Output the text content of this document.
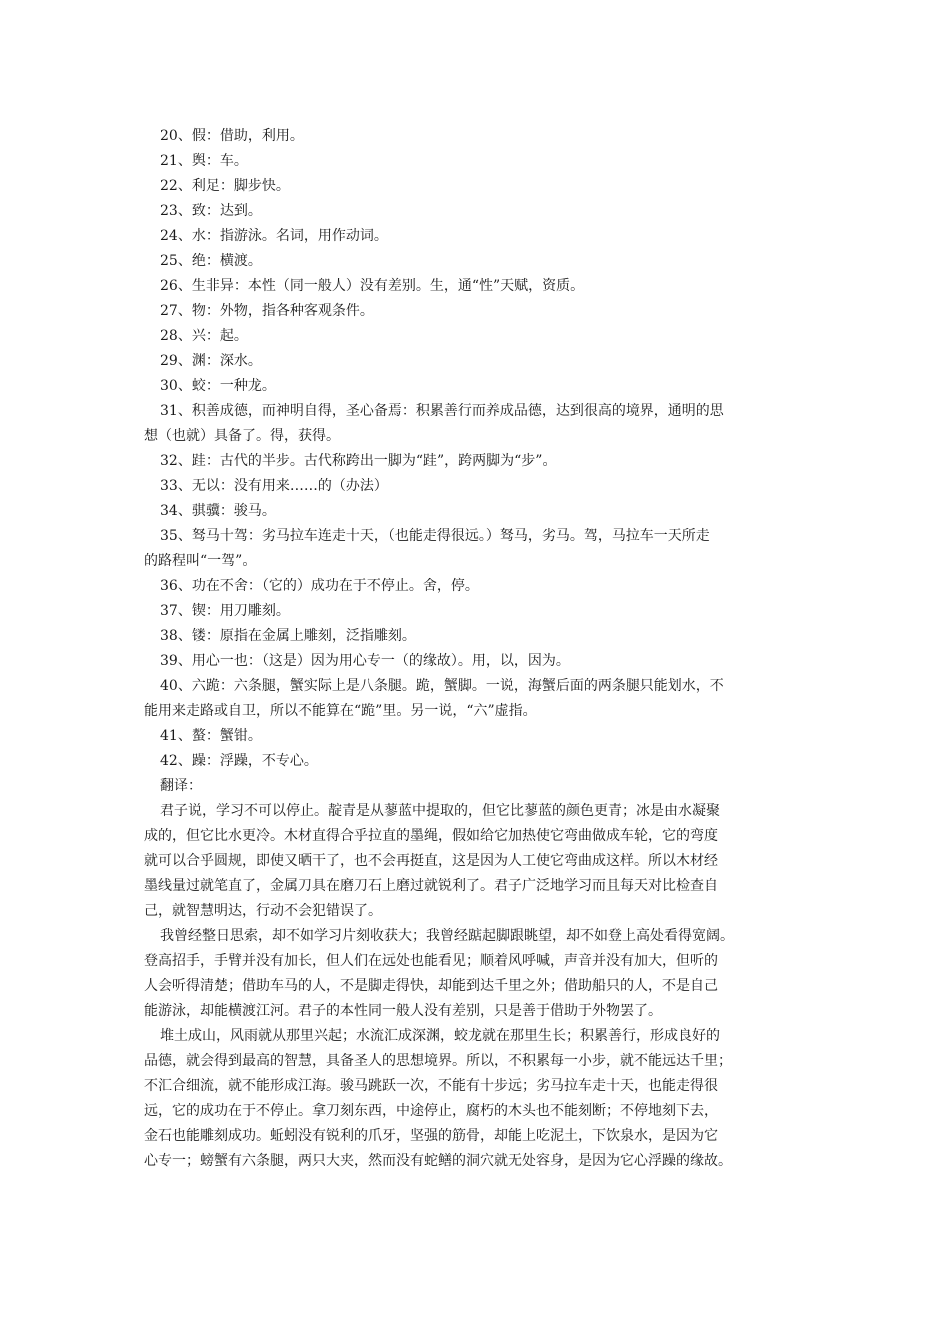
20、假：借助，利用。
21、舆：车。
22、利足：脚步快。
23、致：达到。
24、水：指游泳。名词，用作动词。
25、绝：横渡。
26、生非异：本性（同一般人）没有差别。生，通“性”天赋，资质。
27、物：外物，指各种客观条件。
28、兴：起。
29、渊：深水。
30、蛟：一种龙。
31、积善成德，而神明自得，圣心备焉：积累善行而养成品德，达到很高的境界，通明的思
想（也就）具备了。得，获得。
32、跬：古代的半步。古代称跨出一脚为“跬”，跨两脚为“步”。
33、无以：没有用来……的（办法）
34、骐骥：骏马。
35、驽马十驾：劣马拉车连走十天，（也能走得很远。）驽马，劣马。驾，马拉车一天所走
的路程叫“一驾”。
36、功在不舍：（它的）成功在于不停止。舍，停。
37、锲：用刀雕刻。
38、镂：原指在金属上雕刻，泛指雕刻。
39、用心一也：（这是）因为用心专一（的缘故）。用，以，因为。
40、六跪：六条腿，蟹实际上是八条腿。跪，蟹脚。一说，海蟹后面的两条腿只能划水，不
能用来走路或自卫，所以不能算在“跪”里。另一说，“六”虚指。
41、螯：蟹钳。
42、躁：浮躁，不专心。
翻译：
君子说，学习不可以停止。靛青是从蓼蓝中提取的，但它比蓼蓝的颜色更青；冰是由水凝聚
成的，但它比水更冷。木材直得合乎拉直的墨绳，假如给它加热使它弯曲做成车轮，它的弯度
就可以合乎圆规，即使又晒干了，也不会再挺直，这是因为人工使它弯曲成这样。所以木材经
墨线量过就笔直了，金属刀具在磨刀石上磨过就锐利了。君子广泛地学习而且每天对比检查自
己，就智慧明达，行动不会犯错误了。
我曾经整日思索，却不如学习片刻收获大；我曾经踮起脚跟眺望，却不如登上高处看得宽阔。
登高招手，手臂并没有加长，但人们在远处也能看见；顺着风呼喊，声音并没有加大，但听的
人会听得清楚；借助车马的人，不是脚走得快，却能到达千里之外；借助船只的人，不是自己
能游泳，却能横渡江河。君子的本性同一般人没有差别，只是善于借助于外物罢了。
堆土成山，风雨就从那里兴起；水流汇成深渊，蛟龙就在那里生长；积累善行，形成良好的
品德，就会得到最高的智慧，具备圣人的思想境界。所以，不积累每一小步，就不能远达千里；
不汇合细流，就不能形成江海。骏马跳跃一次，不能有十步远；劣马拉车走十天，也能走得很
远，它的成功在于不停止。拿刀刻东西，中途停止，腐朽的木头也不能刻断；不停地刻下去，
金石也能雕刻成功。蚯蚓没有锐利的爪牙，坚强的筋骨，却能上吃泥土，下饮泉水，是因为它
心专一；螃蟹有六条腿，两只大夹，然而没有蛇鳝的洞穴就无处容身，是因为它心浮躁的缘故。
